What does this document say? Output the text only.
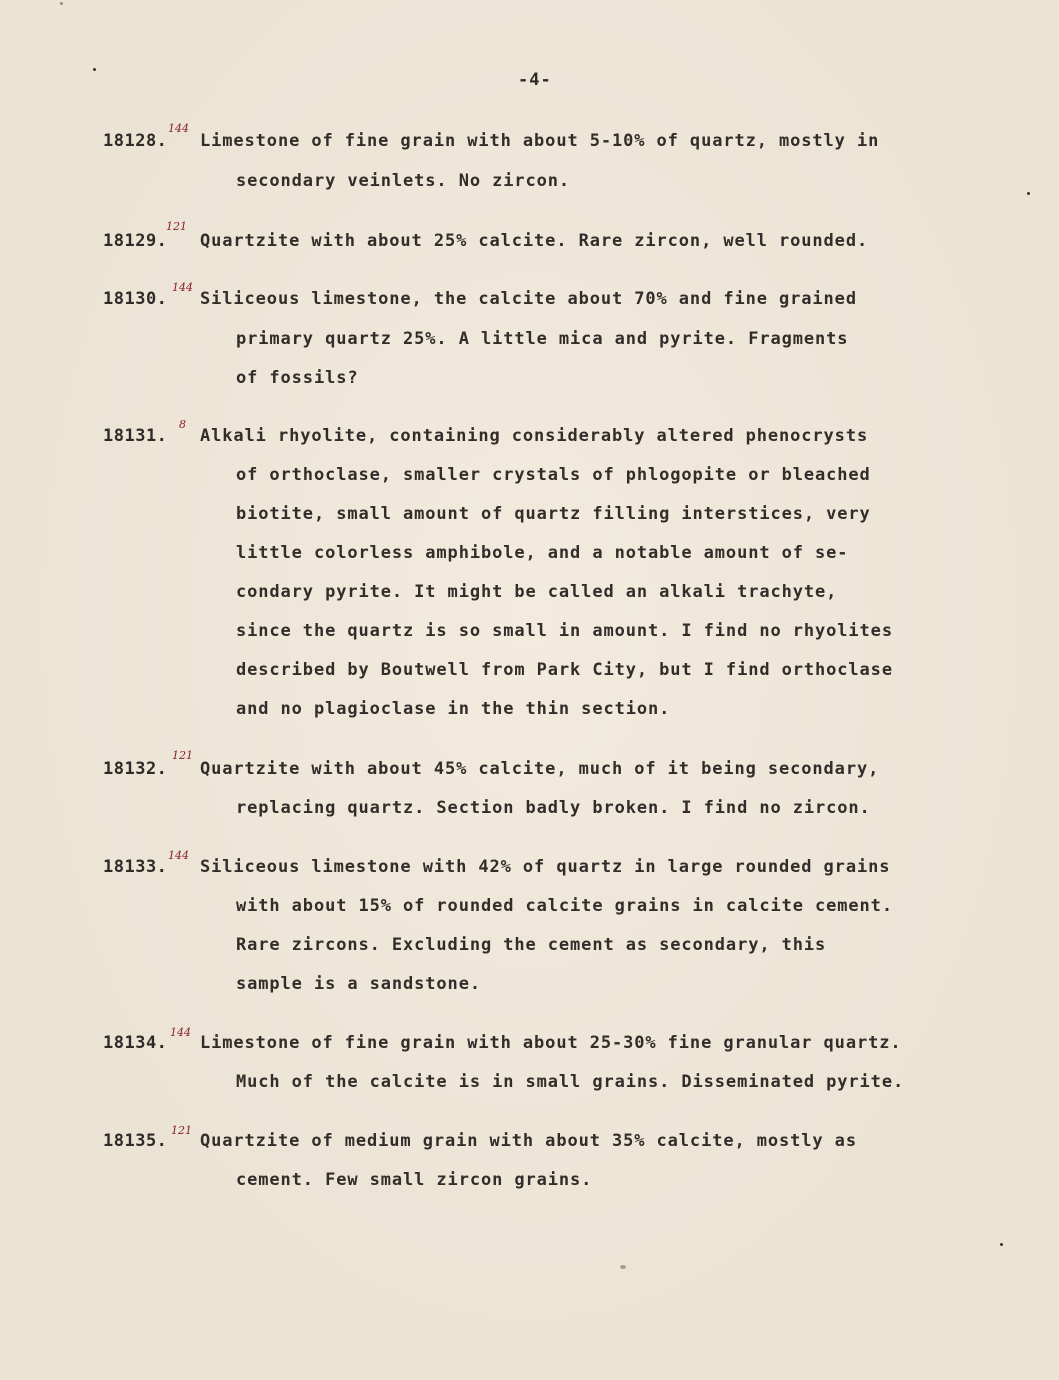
-4-
18128.
144
Limestone of fine grain with about 5-10% of quartz, mostly in
secondary veinlets. No zircon.
18129.
121
Quartzite with about 25% calcite. Rare zircon, well rounded.
18130.
144
Siliceous limestone, the calcite about 70% and fine grained
primary quartz 25%. A little mica and pyrite. Fragments
of fossils?
18131.
8
Alkali rhyolite, containing considerably altered phenocrysts
of orthoclase, smaller crystals of phlogopite or bleached
biotite, small amount of quartz filling interstices, very
little colorless amphibole, and a notable amount of se-
condary pyrite. It might be called an alkali trachyte,
since the quartz is so small in amount. I find no rhyolites
described by Boutwell from Park City, but I find orthoclase
and no plagioclase in the thin section.
18132.
121
Quartzite with about 45% calcite, much of it being secondary,
replacing quartz. Section badly broken. I find no zircon.
18133.
144
Siliceous limestone with 42% of quartz in large rounded grains
with about 15% of rounded calcite grains in calcite cement.
Rare zircons. Excluding the cement as secondary, this
sample is a sandstone.
18134.
144
Limestone of fine grain with about 25-30% fine granular quartz.
Much of the calcite is in small grains. Disseminated pyrite.
18135.
121
Quartzite of medium grain with about 35% calcite, mostly as
cement. Few small zircon grains.
